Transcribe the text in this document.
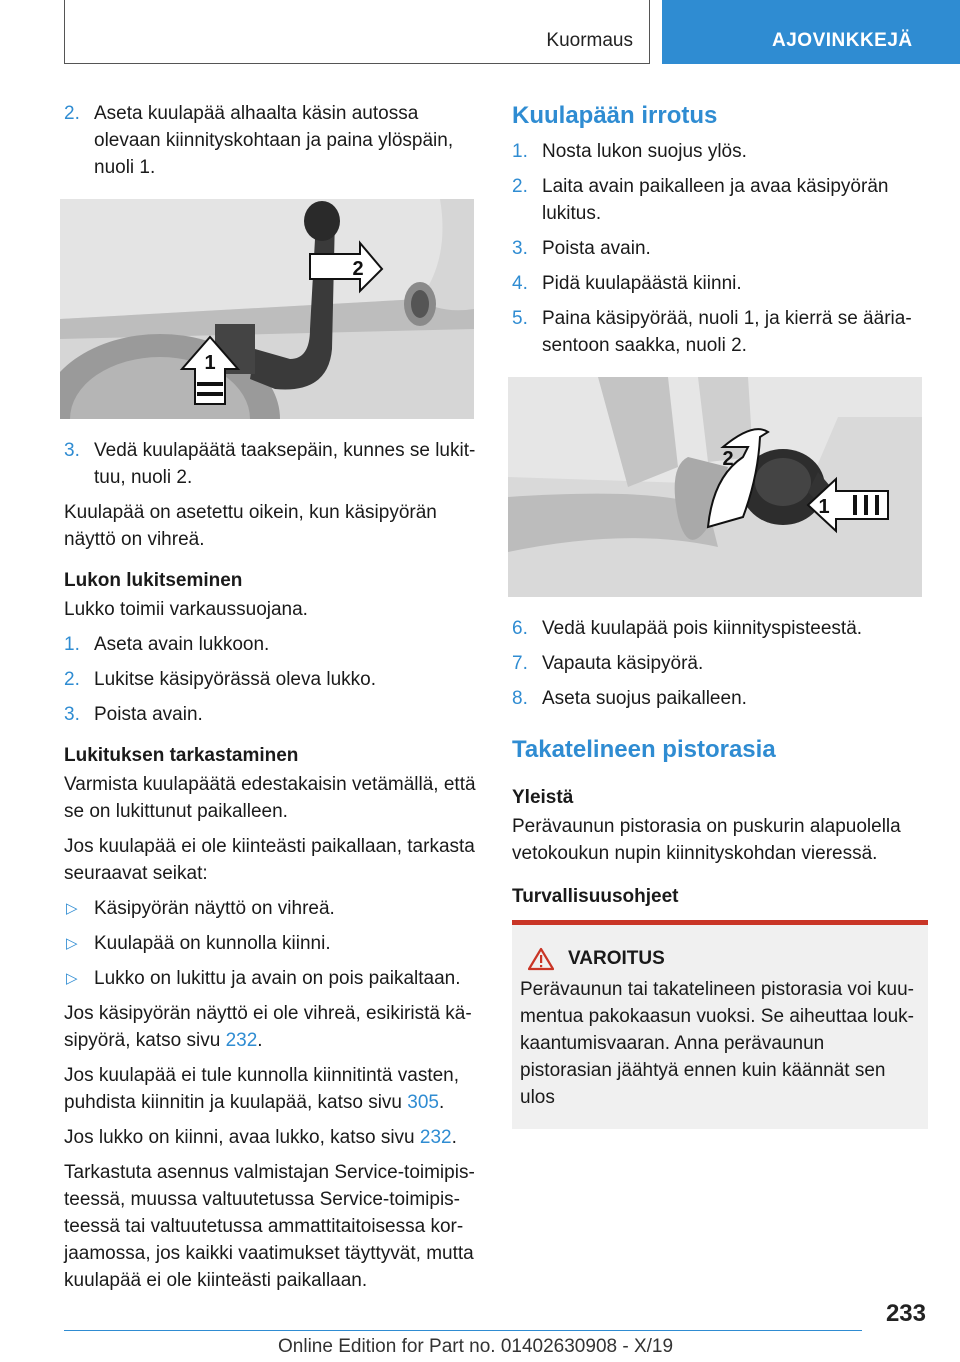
Kuormaus	AJOVINKKEJÄ
2. Aseta kuulapää alhaalta käsin autossa olevaan kiinnityskohtaan ja paina ylöspäin, nuoli 1.
1
2
3. Vedä kuulapäätä taaksepäin, kunnes se lukittuu, nuoli 2.

Kuulapää on asetettu oikein, kun käsipyörän näyttö on vihreä.

Lukon lukitseminen

Lukko toimii varkaussuojana.

1. Aseta avain lukkoon.
2. Lukitse käsipyörässä oleva lukko.
3. Poista avain.
Lukituksen tarkastaminen

Varmista kuulapäätä edestakaisin vetämällä, että se on lukittunut paikalleen.

Jos kuulapää ei ole kiinteästi paikallaan, tarkasta seuraavat seikat:

▷ Käsipyörän näyttö on vihreä.
▷ Kuulapää on kunnolla kiinni.
▷ Lukko on lukittu ja avain on pois paikaltaan.

Jos käsipyörän näyttö ei ole vihreä, esikiristä käsipyörä, katso sivu 232.

Jos kuulapää ei tule kunnolla kiinnitintä vasten, puhdista kiinnitin ja kuulapää, katso sivu 305.

Jos lukko on kiinni, avaa lukko, katso sivu 232.

Tarkastuta asennus valmistajan Service-toimipisteessä, muussa valtuutetussa Service-toimipisteessä tai valtuutetussa ammattitaitoisessa korjaamossa, jos kaikki vaatimukset täyttyvät, mutta kuulapää ei ole kiinteästi paikallaan.

Kuulapään irrotus
1. Nosta lukon suojus ylös.
2. Laita avain paikalleen ja avaa käsipyörän lukitus.
3. Poista avain.
4. Pidä kuulapäästä kiinni.
5. Paina käsipyörää, nuoli 1, ja kierrä se ääriasentoon saakka, nuoli 2.
2
1
6. Vedä kuulapää pois kiinnityspisteestä.
7. Vapauta käsipyörä.
8. Aseta suojus paikalleen.
Takatelineen pistorasia
Yleistä

Perävaunun pistorasia on puskurin alapuolella vetokoukun nupin kiinnityskohdan vieressä.

Turvallisuusohjeet
VAROITUS

Perävaunun tai takatelineen pistorasia voi kuumentua pakokaasun vuoksi. Se aiheuttaa loukkaantumisvaaran. Anna perävaunun pistorasian jäähtyä ennen kuin käännät sen ulos

233
Online Edition for Part no. 01402630908 - X/19
